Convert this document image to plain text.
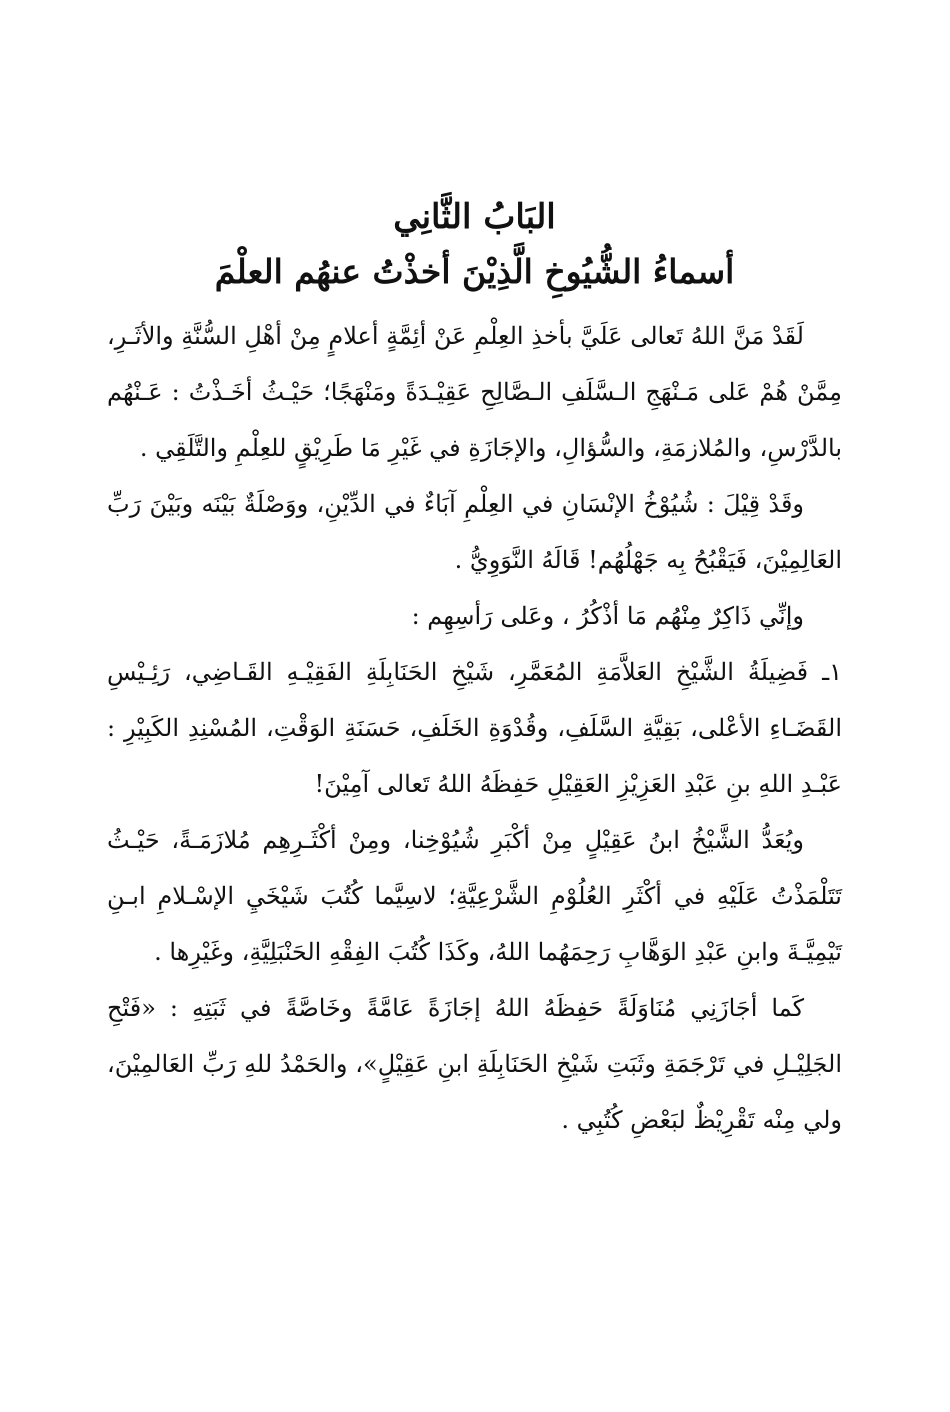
البَابُ الثَّانِي
أسماءُ الشُّيُوخِ الَّذِيْنَ أخذْتُ عنهُم العلْمَ

لَقَدْ مَنَّ اللهُ تَعالى عَلَيَّ بأخذِ العِلْمِ عَنْ أئِمَّةٍ أعلامٍ مِنْ أهْلِ السُّنَّةِ والأثَـرِ، مِمَّنْ هُمْ عَلى مَـنْهَجِ الـسَّلَفِ الـصَّالِحِ عَقِيْـدَةً ومَنْهَجًا؛ حَيْـثُ أخَـذْتُ : عَـنْهُم بالدَّرْسِ، والمُلازمَةِ، والسُّؤالِ، والإجَازَةِ في غَيْرِ مَا طَرِيْقٍ للعِلْمِ والتَّلَقِي .

وقَدْ قِيْلَ : شُيُوْخُ الإنْسَانِ في العِلْمِ آبَاءٌ في الدِّيْنِ، ووَصْلَةٌ بَيْنَه وبَيْنَ رَبِّ العَالِمِيْنَ، فَيَقْبُحُ بِه جَهْلُهُم! قَالَهُ النَّوَوِيُّ .

وإنِّي ذَاكِرٌ مِنْهُم مَا أذْكُرُ ، وعَلى رَأسِهِم :

١ـ فَضِيلَةُ الشَّيْخِ العَلاَّمَةِ المُعَمَّرِ، شَيْخِ الحَنَابِلَةِ الفَقِيْـهِ القَـاضِي، رَئِـيْسِ القَضَـاءِ الأعْلى، بَقِيَّةِ السَّلَفِ، وقُدْوَةِ الخَلَفِ، حَسَنَةِ الوَقْتِ، المُسْنِدِ الكَبِيْرِ : عَبْـدِ اللهِ بنِ عَبْدِ العَزِيْزِ العَقِيْلِ حَفِظَهُ اللهُ تَعالى آمِيْنَ!

ويُعَدُّ الشَّيْخُ ابنُ عَقِيْلٍ مِنْ أكْبَرِ شُيُوْخِنا، ومِنْ أكْثَـرِهِم مُلازَمَـةً، حَيْـثُ تَتَلْمَذْتُ عَلَيْهِ في أكْثَرِ العُلُوْمِ الشَّرْعِيَّةِ؛ لاسِيَّما كُتُبَ شَيْخَيِ الإسْـلامِ ابـنِ تَيْمِيَّـةَ وابنِ عَبْدِ الوَهَّابِ رَحِمَهُما اللهُ، وكَذَا كُتُبَ الفِقْهِ الحَنْبَلِيَّةِ، وغَيْرِها .

كَما أجَازَنِي مُنَاوَلَةً حَفِظَهُ اللهُ إجَازَةً عَامَّةً وخَاصَّةً في ثَبَتِهِ : «فَتْحِ الجَلِيْـلِ في تَرْجَمَةِ وثَبَتِ شَيْخِ الحَنَابِلَةِ ابنِ عَقِيْلٍ»، والحَمْدُ للهِ رَبِّ العَالمِيْنَ، ولي مِنْه تَقْرِيْظٌ لبَعْضِ كُتُبِي .
